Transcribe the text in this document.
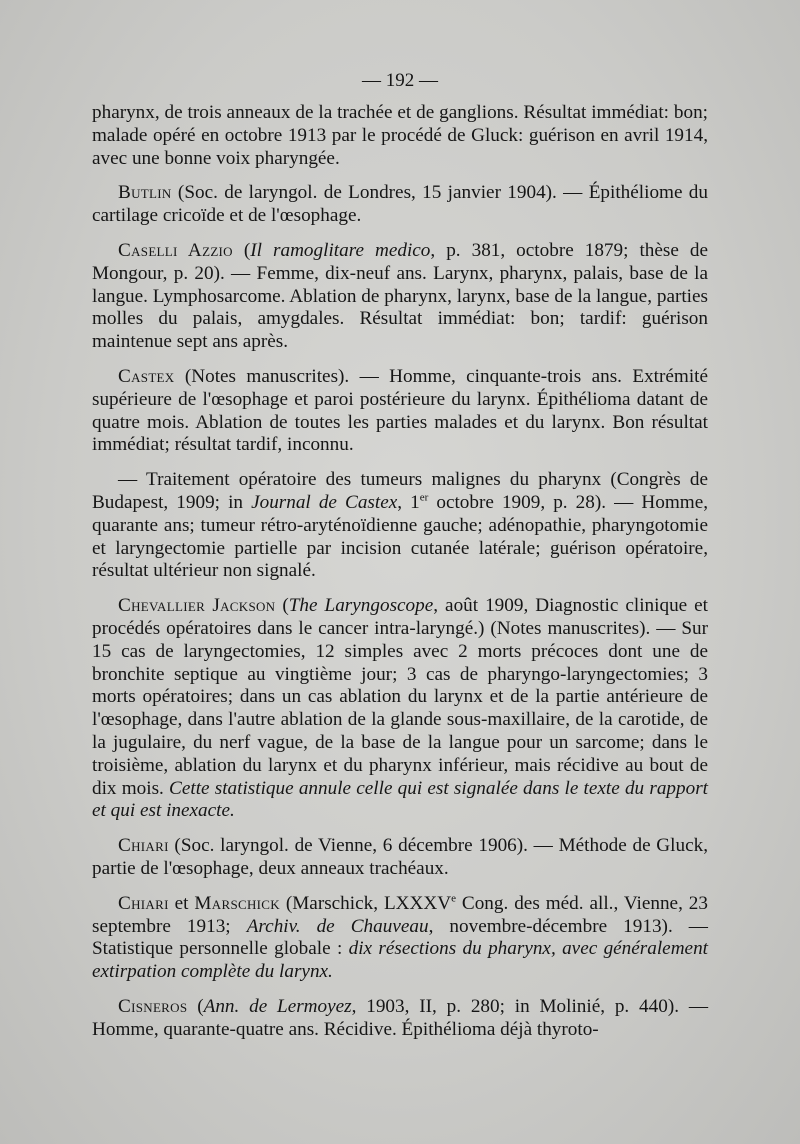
— 192 —

pharynx, de trois anneaux de la trachée et de ganglions. Résultat immédiat: bon; malade opéré en octobre 1913 par le procédé de Gluck: guérison en avril 1914, avec une bonne voix pharyngée.

Butlin (Soc. de laryngol. de Londres, 15 janvier 1904). — Épithéliome du cartilage cricoïde et de l'œsophage.

Caselli Azzio (Il ramoglitare medico, p. 381, octobre 1879; thèse de Mongour, p. 20). — Femme, dix-neuf ans. Larynx, pharynx, palais, base de la langue. Lymphosarcome. Ablation de pharynx, larynx, base de la langue, parties molles du palais, amygdales. Résultat immédiat: bon; tardif: guérison maintenue sept ans après.

Castex (Notes manuscrites). — Homme, cinquante-trois ans. Extrémité supérieure de l'œsophage et paroi postérieure du larynx. Épithélioma datant de quatre mois. Ablation de toutes les parties malades et du larynx. Bon résultat immédiat; résultat tardif, inconnu.

— Traitement opératoire des tumeurs malignes du pharynx (Congrès de Budapest, 1909; in Journal de Castex, 1er octobre 1909, p. 28). — Homme, quarante ans; tumeur rétro-aryténoïdienne gauche; adénopathie, pharyngotomie et laryngectomie partielle par incision cutanée latérale; guérison opératoire, résultat ultérieur non signalé.

Chevallier Jackson (The Laryngoscope, août 1909, Diagnostic clinique et procédés opératoires dans le cancer intra-laryngé.) (Notes manuscrites). — Sur 15 cas de laryngectomies, 12 simples avec 2 morts précoces dont une de bronchite septique au vingtième jour; 3 cas de pharyngo-laryngectomies; 3 morts opératoires; dans un cas ablation du larynx et de la partie antérieure de l'œsophage, dans l'autre ablation de la glande sous-maxillaire, de la carotide, de la jugulaire, du nerf vague, de la base de la langue pour un sarcome; dans le troisième, ablation du larynx et du pharynx inférieur, mais récidive au bout de dix mois. Cette statistique annule celle qui est signalée dans le texte du rapport et qui est inexacte.

Chiari (Soc. laryngol. de Vienne, 6 décembre 1906). — Méthode de Gluck, partie de l'œsophage, deux anneaux trachéaux.

Chiari et Marschick (Marschick, LXXXVe Cong. des méd. all., Vienne, 23 septembre 1913; Archiv. de Chauveau, novembre-décembre 1913). — Statistique personnelle globale : dix résections du pharynx, avec généralement extirpation complète du larynx.

Cisneros (Ann. de Lermoyez, 1903, II, p. 280; in Molinié, p. 440). — Homme, quarante-quatre ans. Récidive. Épithélioma déjà thyroto-
